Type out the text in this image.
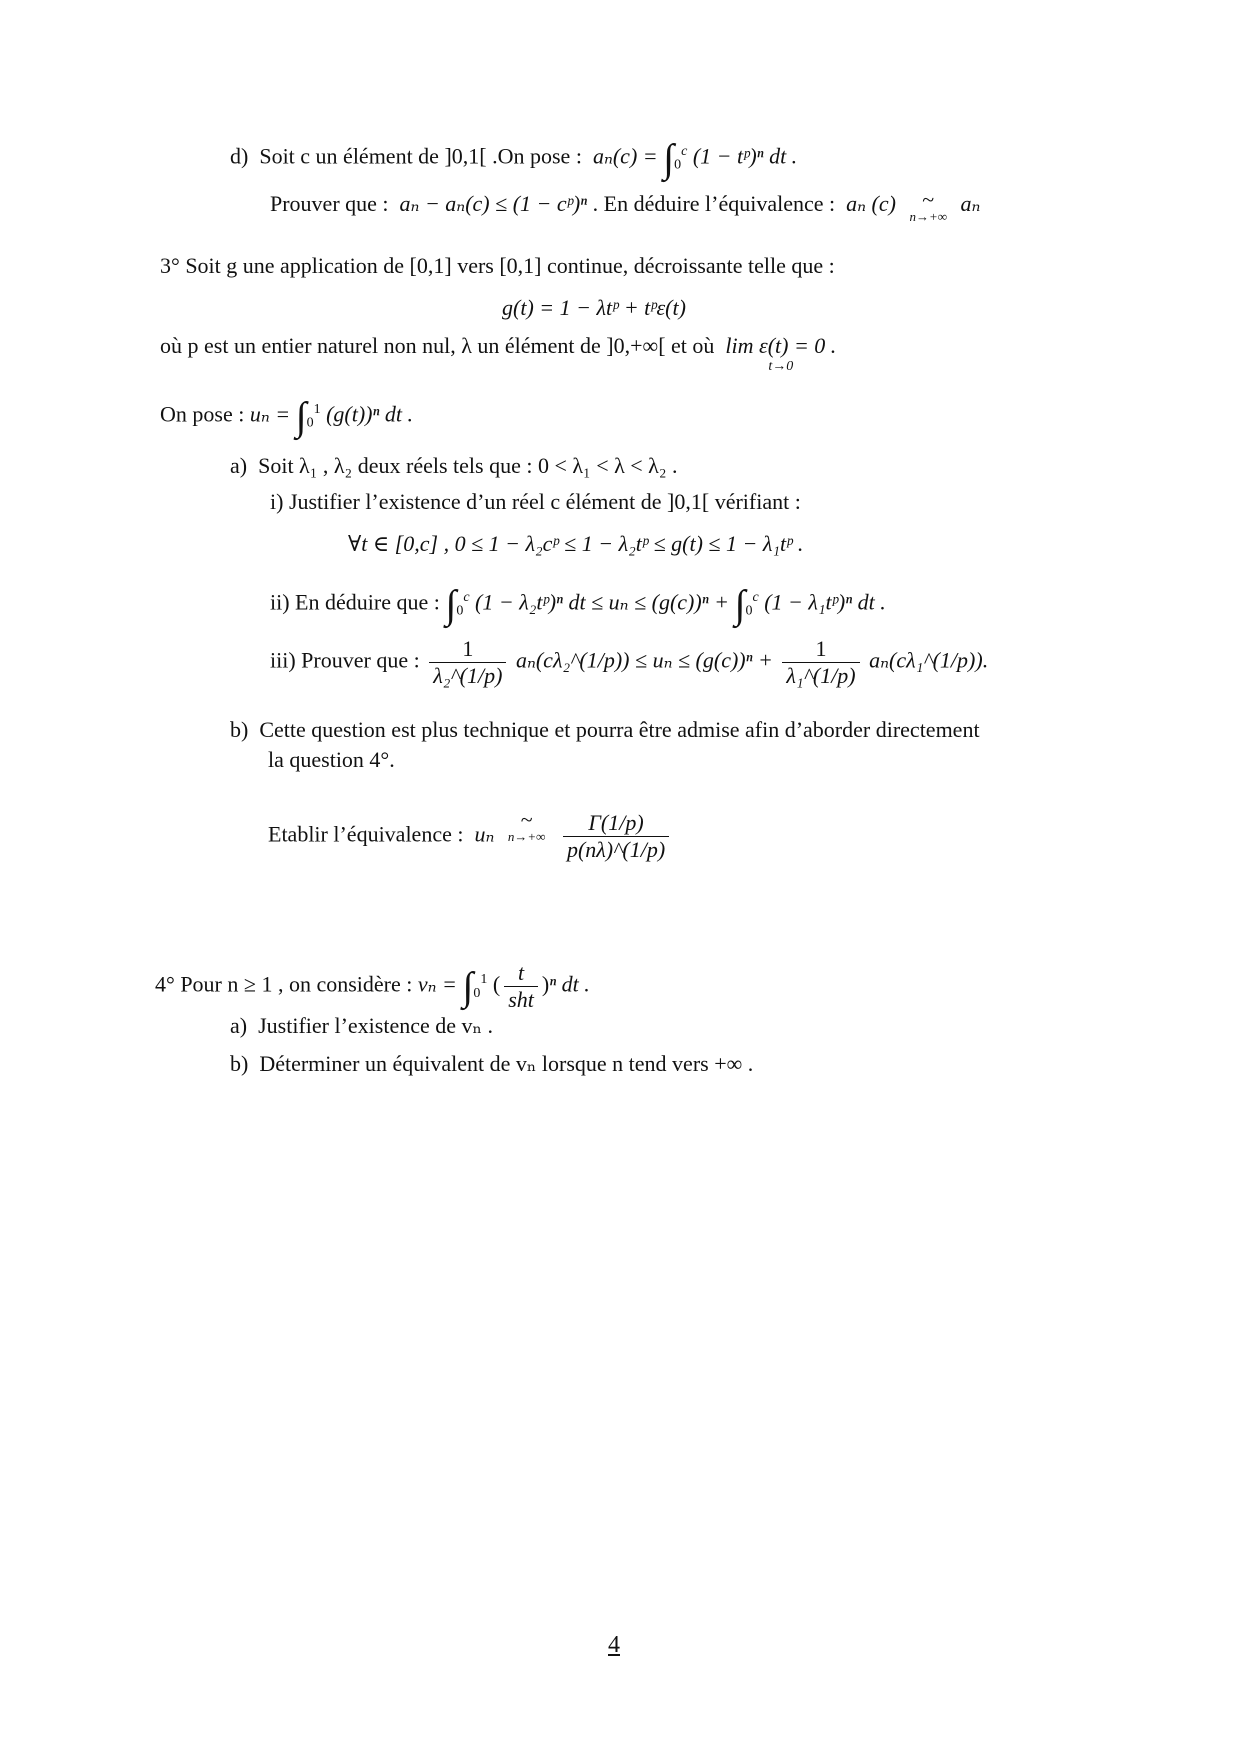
d) Soit c un élément de ]0,1[ .On pose : $a_n(c) = \int_0^c$ (1 − tᵖ)ⁿ dt .
Prouver que : aₙ − aₙ(c) ≤ (1 − cᵖ)ⁿ . En déduire l’équivalence : aₙ (c)	~
n→+∞
aₙ
3° Soit g une application de [0,1] vers [0,1] continue, décroissante telle que :
g(t) = 1 − λtᵖ + tᵖε(t)
où p est un entier naturel non nul, λ un élément de ]0,+∞[ et où lim ε(t) = 0 .
t→0
On pose : $u_n = \int_0^1$ (g(t))ⁿ dt .
a) Soit λ₁ , λ₂ deux réels tels que : 0 < λ₁ < λ < λ₂ .
i) Justifier l’existence d’un réel c élément de ]0,1[ vérifiant :
∀t ∈ [0,c] , 0 ≤ 1 − λ₂cᵖ ≤ 1 − λ₂tᵖ ≤ g(t) ≤ 1 − λ₁tᵖ .
ii) En déduire que : $\int_0^c$ (1 − λ₂tᵖ)ⁿ dt ≤ $u_n \le (g(c))^n + \int_0^c$ (1 − λ₁tᵖ)ⁿ dt .
iii) Prouver que : $\frac{1}{\text{λ₂\textasciicircum{}(1/p)}}$ aₙ(cλ₂^(1/p)) ≤ $u_n \le (g(c))^n + \frac{1}{\text{λ₁\textasciicircum{}(1/p)}}$ aₙ(cλ₁^(1/p)).
b) Cette question est plus technique et pourra être admise afin d’aborder directement
la question 4°.
Etablir l’équivalence : uₙ
~
n→+∞
$\frac{\Gamma(1/p)}{p(n\lambda)\^{}(1/p)}$
4° Pour n ≥ 1 , on considère : $v_n = \int_0^1$ ( $\frac{t}{\text{sht}} )^n$ dt .
a) Justifier l’existence de vₙ .
b) Déterminer un équivalent de vₙ lorsque n tend vers +∞ .
4
